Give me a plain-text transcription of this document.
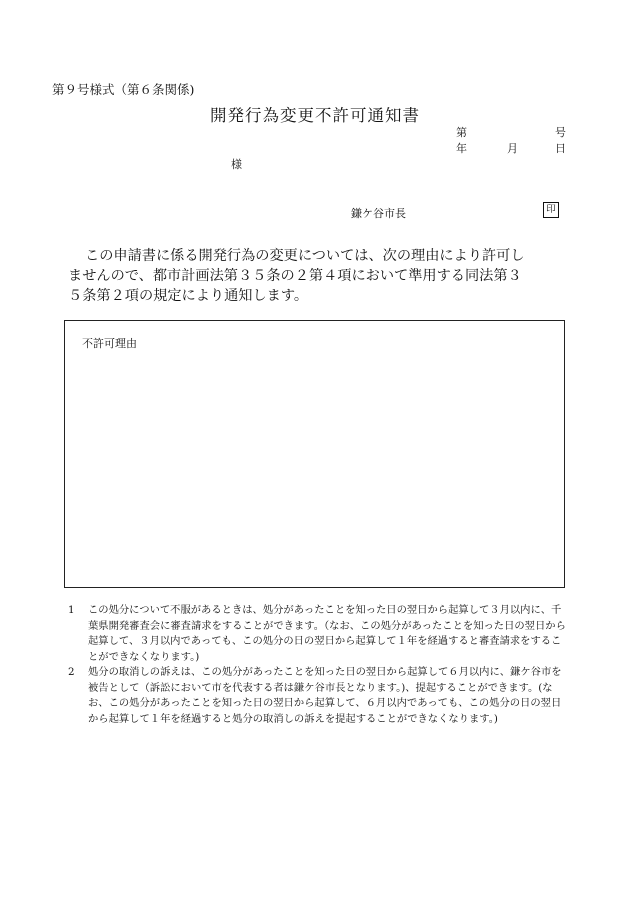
第９号様式（第６条関係)
開発行為変更不許可通知書
第	号
年	月	日
様
鎌ケ谷市長	印

この申請書に係る開発行為の変更については、次の理由により許可し

ませんので、都市計画法第３５条の２第４項において準用する同法第３

５条第２項の規定により通知します。

不許可理由
1	この処分について不服があるときは、処分があったことを知った日の翌日から起算して３月以内に、千葉県開発審査会に審査請求をすることができます。（なお、この処分があったことを知った日の翌日から起算して、３月以内であっても、この処分の日の翌日から起算して１年を経過すると審査請求をすることができなくなります。)
2	処分の取消しの訴えは、この処分があったことを知った日の翌日から起算して６月以内に、鎌ケ谷市を被告として（訴訟において市を代表する者は鎌ケ谷市長となります。)、提起することができます。(なお、この処分があったことを知った日の翌日から起算して、６月以内であっても、この処分の日の翌日から起算して１年を経過すると処分の取消しの訴えを提起することができなくなります。)
